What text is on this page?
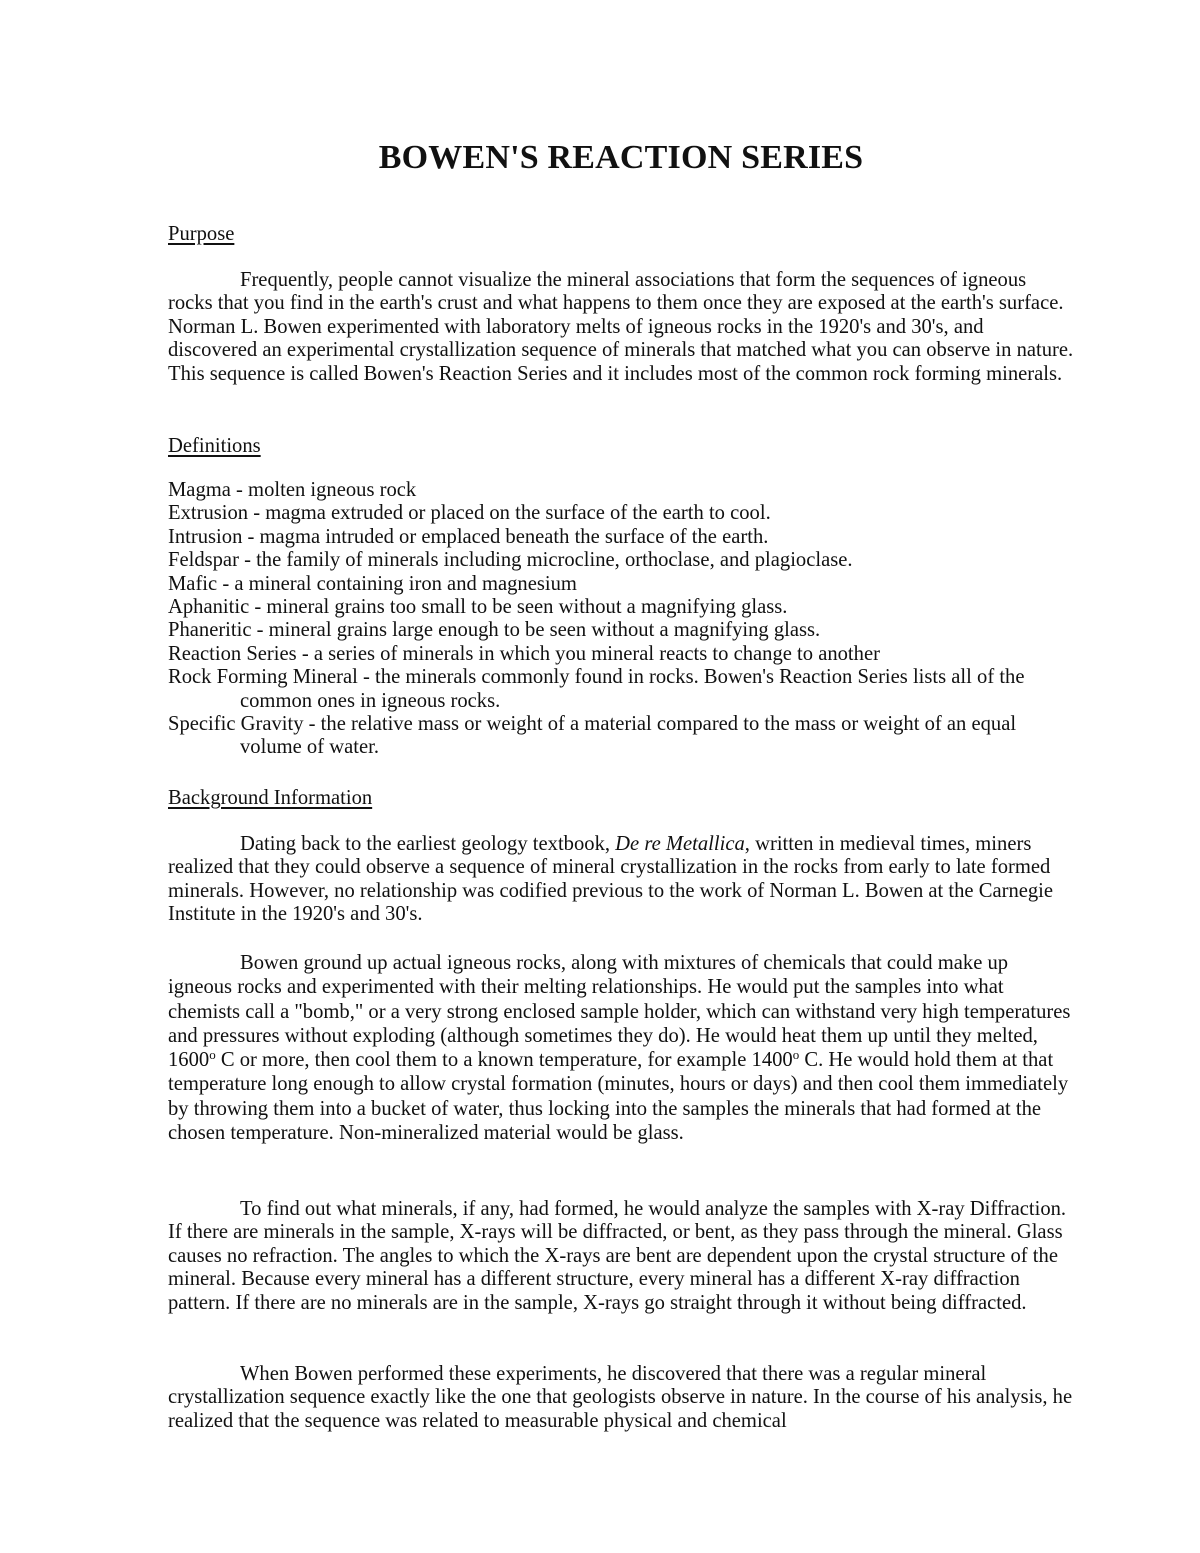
BOWEN'S REACTION SERIES
Purpose

Frequently, people cannot visualize the mineral associations that form the sequences of igneous rocks that you find in the earth's crust and what happens to them once they are exposed at the earth's surface. Norman L. Bowen experimented with laboratory melts of igneous rocks in the 1920's and 30's, and discovered an experimental crystallization sequence of minerals that matched what you can observe in nature. This sequence is called Bowen's Reaction Series and it includes most of the common rock forming minerals.

Definitions
Magma - molten igneous rock
Extrusion - magma extruded or placed on the surface of the earth to cool.
Intrusion - magma intruded or emplaced beneath the surface of the earth.
Feldspar - the family of minerals including microcline, orthoclase, and plagioclase.
Mafic - a mineral containing iron and magnesium
Aphanitic - mineral grains too small to be seen without a magnifying glass.
Phaneritic - mineral grains large enough to be seen without a magnifying glass.
Reaction Series - a series of minerals in which you mineral reacts to change to another
Rock Forming Mineral - the minerals commonly found in rocks. Bowen's Reaction Series lists all of the common ones in igneous rocks.
Specific Gravity - the relative mass or weight of a material compared to the mass or weight of an equal volume of water.
Background Information

Dating back to the earliest geology textbook, De re Metallica, written in medieval times, miners realized that they could observe a sequence of mineral crystallization in the rocks from early to late formed minerals. However, no relationship was codified previous to the work of Norman L. Bowen at the Carnegie Institute in the 1920's and 30's.

Bowen ground up actual igneous rocks, along with mixtures of chemicals that could make up igneous rocks and experimented with their melting relationships. He would put the samples into what chemists call a "bomb," or a very strong enclosed sample holder, which can withstand very high temperatures and pressures without exploding (although sometimes they do). He would heat them up until they melted, 1600$^o$ C or more, then cool them to a known temperature, for example 1400$^o$ C. He would hold them at that temperature long enough to allow crystal formation (minutes, hours or days) and then cool them immediately by throwing them into a bucket of water, thus locking into the samples the minerals that had formed at the chosen temperature. Non-mineralized material would be glass.

To find out what minerals, if any, had formed, he would analyze the samples with X-ray Diffraction. If there are minerals in the sample, X-rays will be diffracted, or bent, as they pass through the mineral. Glass causes no refraction. The angles to which the X-rays are bent are dependent upon the crystal structure of the mineral. Because every mineral has a different structure, every mineral has a different X-ray diffraction pattern. If there are no minerals are in the sample, X-rays go straight through it without being diffracted.

When Bowen performed these experiments, he discovered that there was a regular mineral crystallization sequence exactly like the one that geologists observe in nature. In the course of his analysis, he realized that the sequence was related to measurable physical and chemical
